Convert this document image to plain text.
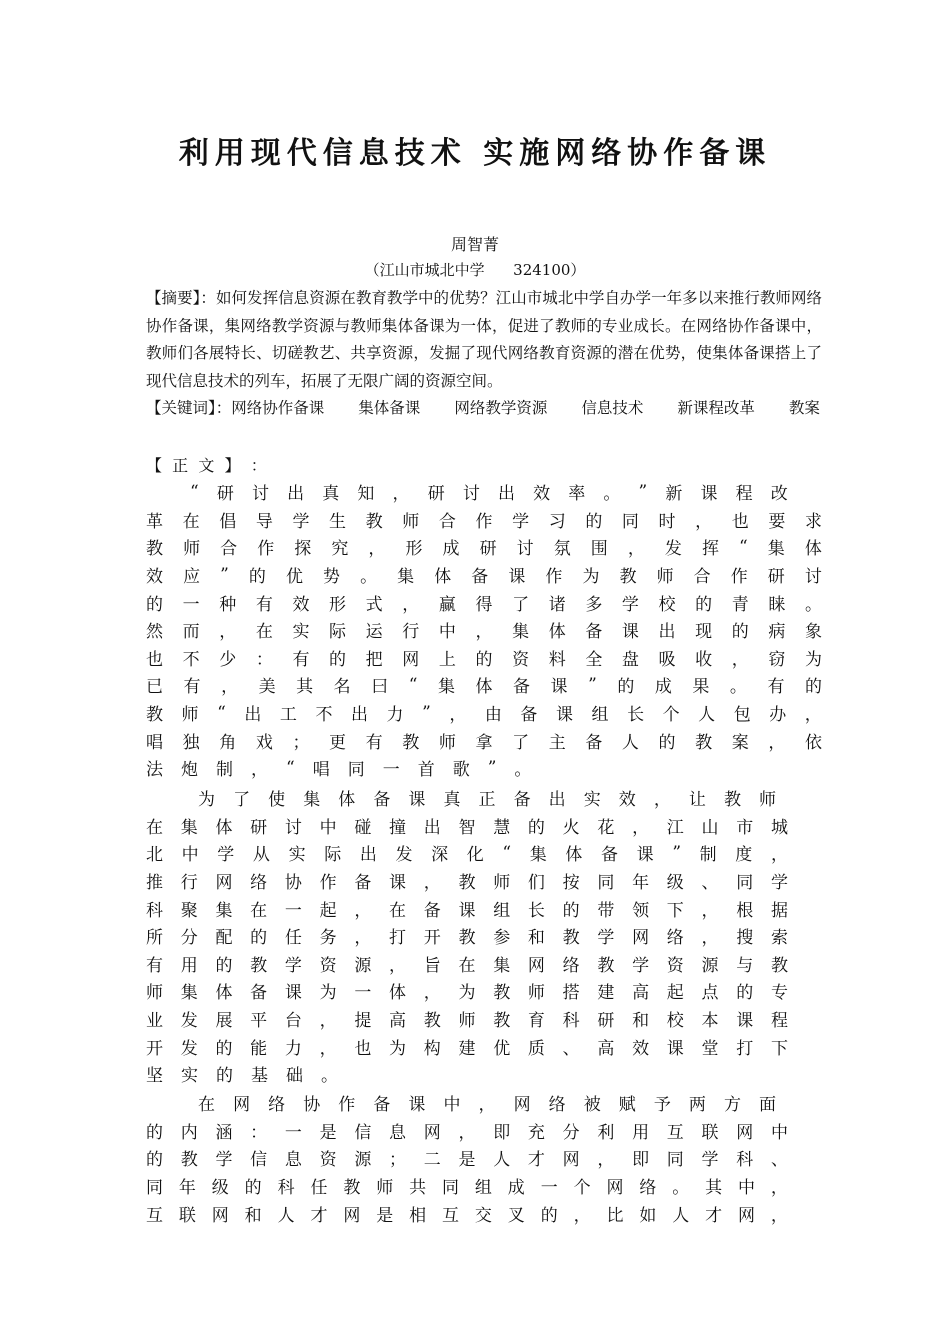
利用现代信息技术 实施网络协作备课
周智菁
（江山市城北中学      324100）

【摘要】：如何发挥信息资源在教育教学中的优势？江山市城北中学自办学一年多以来推行教师网络协作备课，集网络教学资源与教师集体备课为一体，促进了教师的专业成长。在网络协作备课中，教师们各展特长、切磋教艺、共享资源，发掘了现代网络教育资源的潜在优势，使集体备课搭上了现代信息技术的列车，拓展了无限广阔的资源空间。

【关键词】：网络协作备课 集体备课 网络教学资源 信息技术 新课程改革 教案

【  正  文  】  ：
“ 研 讨 出 真 知 ， 研 讨 出 效 率 。 ” 新 课 程 改
革 在 倡 导 学 生 教 师 合 作 学 习 的 同 时 ， 也 要 求
教 师 合 作 探 究 ， 形 成 研 讨 氛 围 ， 发 挥 “ 集 体
效 应 ” 的 优 势 。 集 体 备 课 作 为 教 师 合 作 研 讨
的 一 种 有 效 形 式 ， 赢 得 了 诸 多 学 校 的 青 睐 。
然 而 ， 在 实 际 运 行 中 ， 集 体 备 课 出 现 的 病 象
也 不 少 ： 有 的 把 网 上 的 资 料 全 盘 吸 收 ， 窃 为
已 有 ， 美 其 名 曰 “ 集 体 备 课 ” 的 成 果 。 有 的
教 师 “ 出 工 不 出 力 ” ， 由 备 课 组 长 个 人 包 办 ，
唱 独 角 戏 ； 更 有 教 师 拿 了 主 备 人 的 教 案 ， 依
法 炮 制 ， “ 唱 同 一 首 歌 ” 。
为 了 使 集 体 备 课 真 正 备 出 实 效 ， 让 教 师
在 集 体 研 讨 中 碰 撞 出 智 慧 的 火 花 ， 江 山 市 城
北 中 学 从 实 际 出 发 深 化 “ 集 体 备 课 ” 制 度 ，
推 行 网 络 协 作 备 课 ， 教 师 们 按 同 年 级 、 同 学
科 聚 集 在 一 起 ， 在 备 课 组 长 的 带 领 下 ， 根 据
所 分 配 的 任 务 ， 打 开 教 参 和 教 学 网 络 ， 搜 索
有 用 的 教 学 资 源 ， 旨 在 集 网 络 教 学 资 源 与 教
师 集 体 备 课 为 一 体 ， 为 教 师 搭 建 高 起 点 的 专
业 发 展 平 台 ， 提 高 教 师 教 育 科 研 和 校 本 课 程
开 发 的 能 力 ， 也 为 构 建 优 质 、 高 效 课 堂 打 下
坚 实 的 基 础 。
在 网 络 协 作 备 课 中 ， 网 络 被 赋 予 两 方 面
的 内 涵 ： 一 是 信 息 网 ， 即 充 分 利 用 互 联 网 中
的 教 学 信 息 资 源 ； 二 是 人 才 网 ， 即 同 学 科 、
同 年 级 的 科 任 教 师 共 同 组 成 一 个 网 络 。 其 中 ，
互 联 网 和 人 才 网 是 相 互 交 叉 的 ， 比 如 人 才 网 ，
